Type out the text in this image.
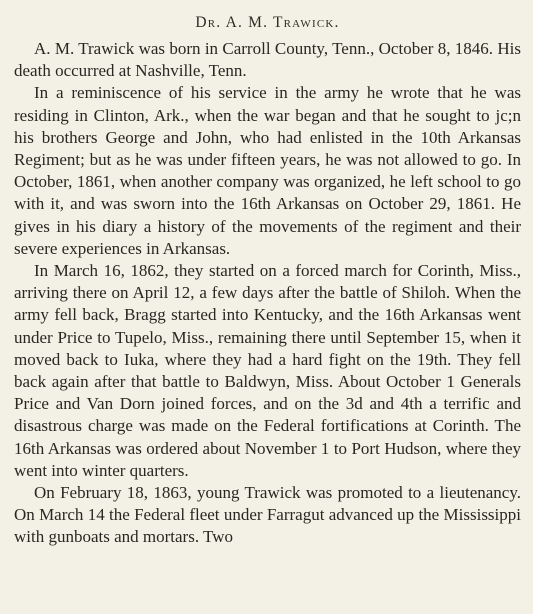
Dr. A. M. Trawick.

A. M. Trawick was born in Carroll County, Tenn., October 8, 1846. His death occurred at Nashville, Tenn.

In a reminiscence of his service in the army he wrote that he was residing in Clinton, Ark., when the war began and that he sought to jc;n his brothers George and John, who had enlisted in the 10th Arkansas Regiment; but as he was under fifteen years, he was not allowed to go. In October, 1861, when another company was organized, he left school to go with it, and was sworn into the 16th Arkansas on October 29, 1861. He gives in his diary a history of the movements of the regiment and their severe experiences in Arkansas.

In March 16, 1862, they started on a forced march for Corinth, Miss., arriving there on April 12, a few days after the battle of Shiloh. When the army fell back, Bragg started into Kentucky, and the 16th Arkansas went under Price to Tupelo, Miss., remaining there until September 15, when it moved back to Iuka, where they had a hard fight on the 19th. They fell back again after that battle to Baldwyn, Miss. About October 1 Generals Price and Van Dorn joined forces, and on the 3d and 4th a terrific and disastrous charge was made on the Federal fortifications at Corinth. The 16th Arkansas was ordered about November 1 to Port Hudson, where they went into winter quarters.

On February 18, 1863, young Trawick was promoted to a lieutenancy. On March 14 the Federal fleet under Farragut advanced up the Mississippi with gunboats and mortars. Two
